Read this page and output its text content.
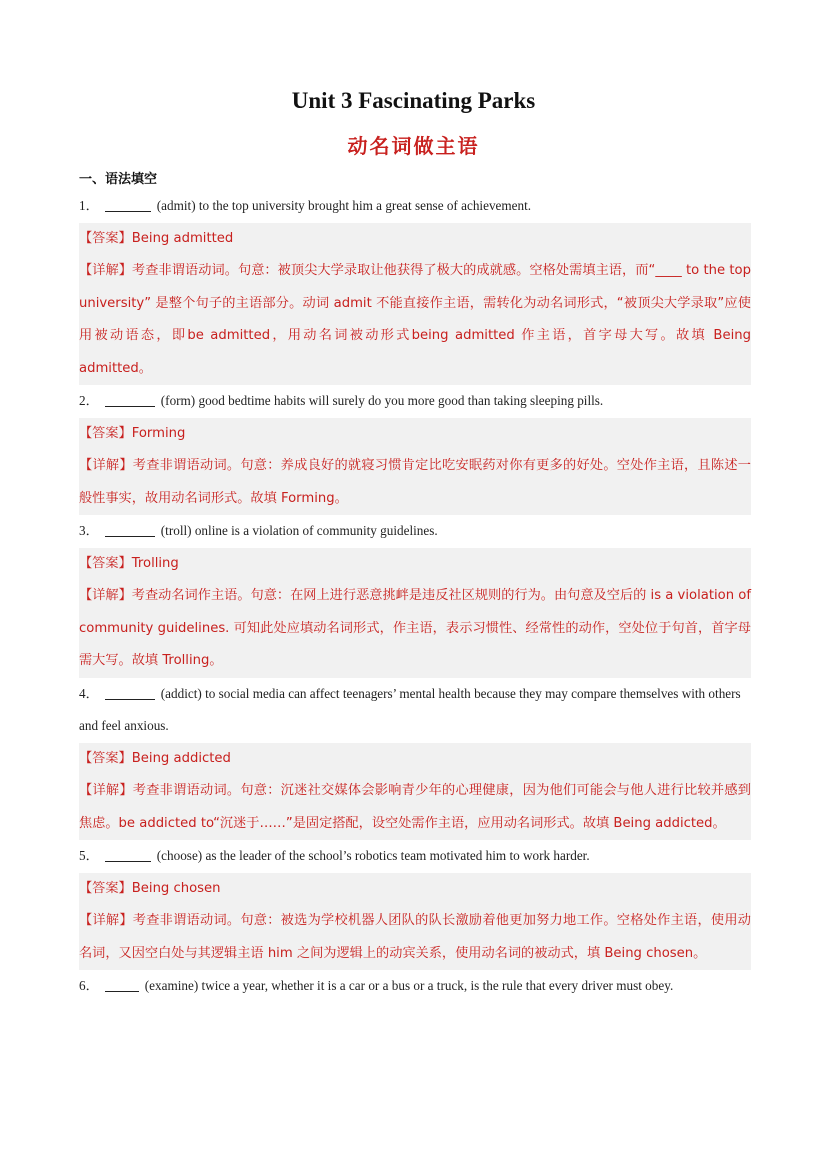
Unit 3 Fascinating Parks
动名词做主语
一、语法填空
1．	(admit) to the top university brought him a great sense of achievement.

【答案】Being admitted

【详解】考查非谓语动词。句意：被顶尖大学录取让他获得了极大的成就感。空格处需填主语，而“____ to the top university” 是整个句子的主语部分。动词 admit 不能直接作主语，需转化为动名词形式，“被顶尖大学录取”应使用被动语态，即be admitted，用动名词被动形式being admitted 作主语，首字母大写。故填 Being admitted。

2．	(form) good bedtime habits will surely do you more good than taking sleeping pills.

【答案】Forming

【详解】考查非谓语动词。句意：养成良好的就寝习惯肯定比吃安眠药对你有更多的好处。空处作主语，且陈述一般性事实，故用动名词形式。故填 Forming。

3．	(troll) online is a violation of community guidelines.

【答案】Trolling

【详解】考查动名词作主语。句意：在网上进行恶意挑衅是违反社区规则的行为。由句意及空后的 is a violation of community guidelines. 可知此处应填动名词形式，作主语，表示习惯性、经常性的动作，空处位于句首，首字母需大写。故填 Trolling。

4．	(addict) to social media can affect teenagers’ mental health because they may compare themselves with others and feel anxious.

【答案】Being addicted

【详解】考查非谓语动词。句意：沉迷社交媒体会影响青少年的心理健康，因为他们可能会与他人进行比较并感到焦虑。be addicted to“沉迷于……”是固定搭配，设空处需作主语，应用动名词形式。故填 Being addicted。

5．	(choose) as the leader of the school’s robotics team motivated him to work harder.

【答案】Being chosen

【详解】考查非谓语动词。句意：被选为学校机器人团队的队长激励着他更加努力地工作。空格处作主语，使用动名词，又因空白处与其逻辑主语 him 之间为逻辑上的动宾关系，使用动名词的被动式，填 Being chosen。

6．	(examine) twice a year, whether it is a car or a bus or a truck, is the rule that every driver must obey.
